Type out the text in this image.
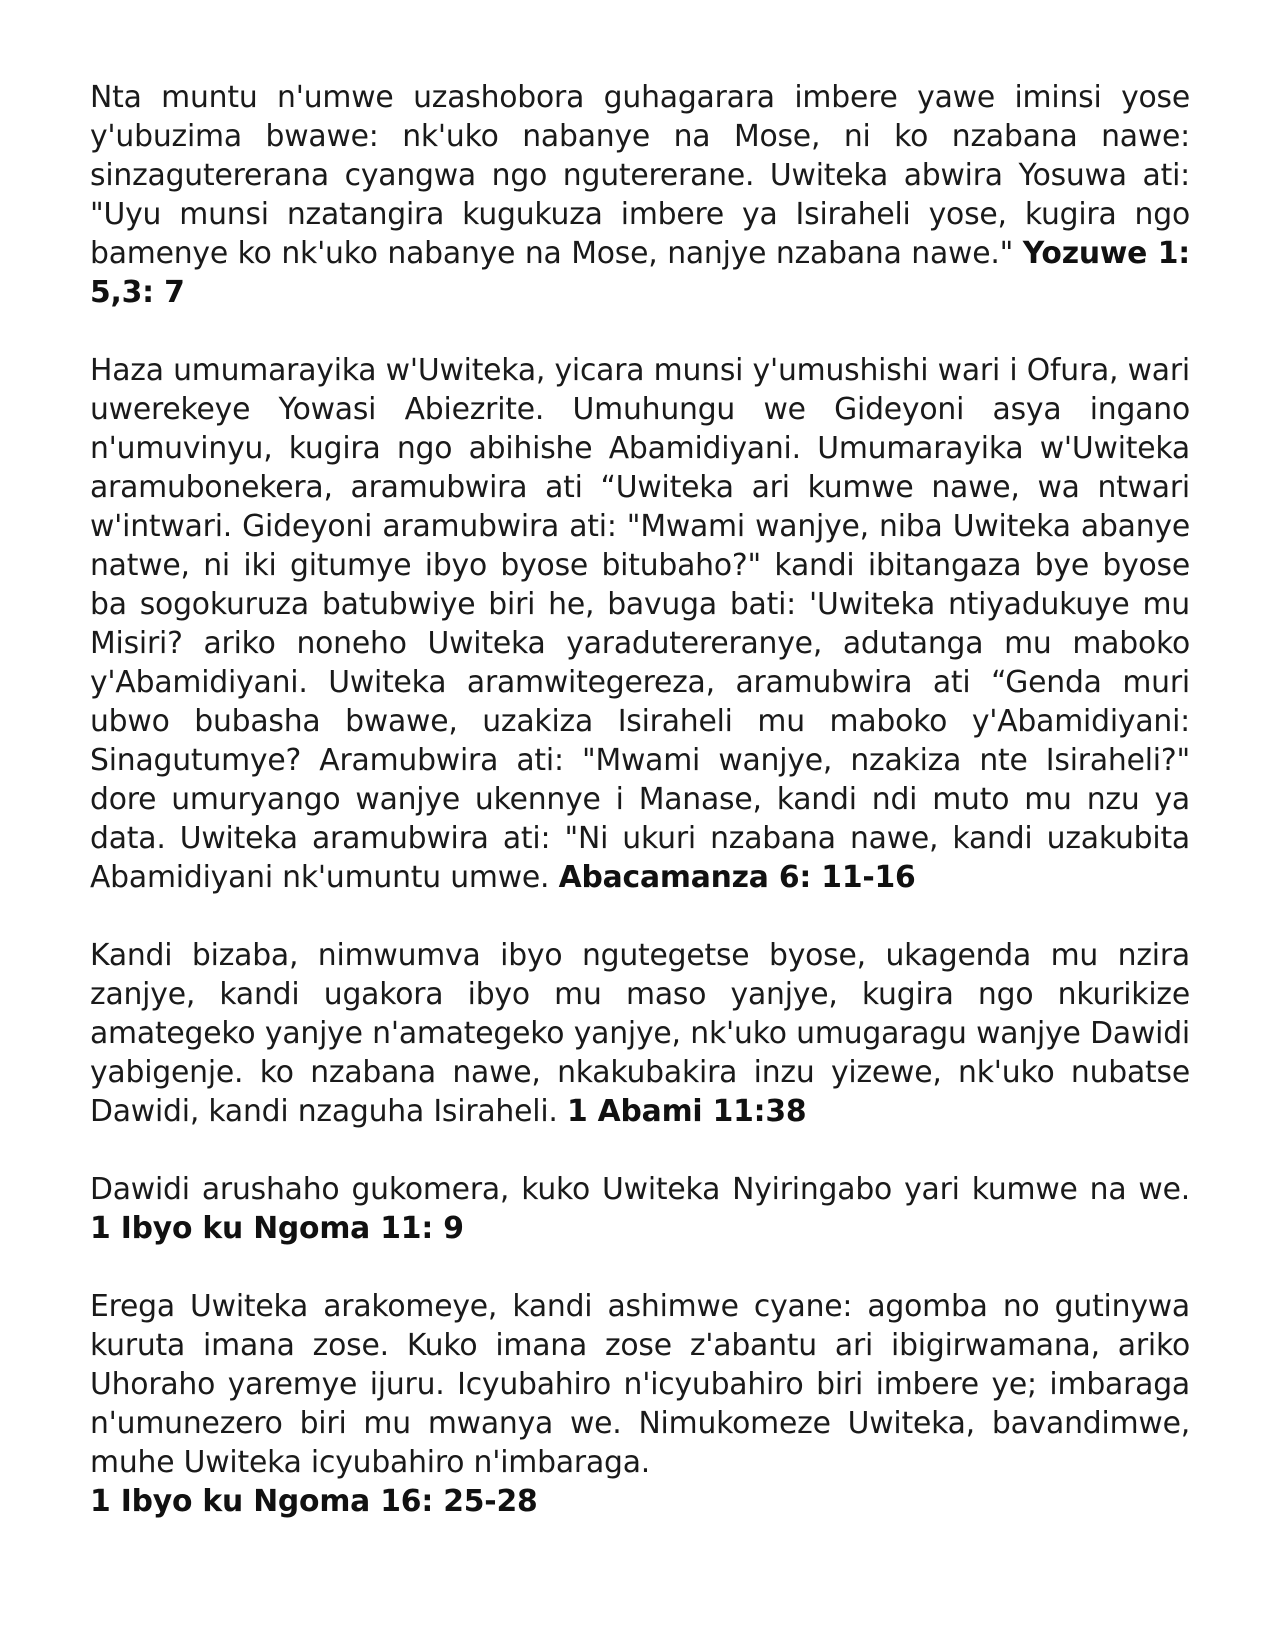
Nta muntu n'umwe uzashobora guhagarara imbere yawe iminsi yose y'ubuzima bwawe: nk'uko nabanye na Mose, ni ko nzabana nawe: sinzagutererana cyangwa ngo ngutererane. Uwiteka abwira Yosuwa ati: "Uyu munsi nzatangira kugukuza imbere ya Isiraheli yose, kugira ngo bamenye ko nk'uko nabanye na Mose, nanjye nzabana nawe." Yozuwe 1: 5,3: 7

Haza umumarayika w'Uwiteka, yicara munsi y'umushishi wari i Ofura, wari uwerekeye Yowasi Abiezrite. Umuhungu we Gideyoni asya ingano n'umuvinyu, kugira ngo abihishe Abamidiyani. Umumarayika w'Uwiteka aramubonekera, aramubwira ati “Uwiteka ari kumwe nawe, wa ntwari w'intwari. Gideyoni aramubwira ati: "Mwami wanjye, niba Uwiteka abanye natwe, ni iki gitumye ibyo byose bitubaho?" kandi ibitangaza bye byose ba sogokuruza batubwiye biri he, bavuga bati: 'Uwiteka ntiyadukuye mu Misiri? ariko noneho Uwiteka yaradutereranye, adutanga mu maboko y'Abamidiyani. Uwiteka aramwitegereza, aramubwira ati “Genda muri ubwo bubasha bwawe, uzakiza Isiraheli mu maboko y'Abamidiyani: Sinagutumye? Aramubwira ati: "Mwami wanjye, nzakiza nte Isiraheli?" dore umuryango wanjye ukennye i Manase, kandi ndi muto mu nzu ya data. Uwiteka aramubwira ati: "Ni ukuri nzabana nawe, kandi uzakubita Abamidiyani nk'umuntu umwe. Abacamanza 6: 11-16

Kandi bizaba, nimwumva ibyo ngutegetse byose, ukagenda mu nzira zanjye, kandi ugakora ibyo mu maso yanjye, kugira ngo nkurikize amategeko yanjye n'amategeko yanjye, nk'uko umugaragu wanjye Dawidi yabigenje. ko nzabana nawe, nkakubakira inzu yizewe, nk'uko nubatse Dawidi, kandi nzaguha Isiraheli. 1 Abami 11:38

Dawidi arushaho gukomera, kuko Uwiteka Nyiringabo yari kumwe na we. 1 Ibyo ku Ngoma 11: 9

Erega Uwiteka arakomeye, kandi ashimwe cyane: agomba no gutinywa kuruta imana zose. Kuko imana zose z'abantu ari ibigirwamana, ariko Uhoraho yaremye ijuru. Icyubahiro n'icyubahiro biri imbere ye; imbaraga n'umunezero biri mu mwanya we. Nimukomeze Uwiteka, bavandimwe, muhe Uwiteka icyubahiro n'imbaraga.
1 Ibyo ku Ngoma 16: 25-28
